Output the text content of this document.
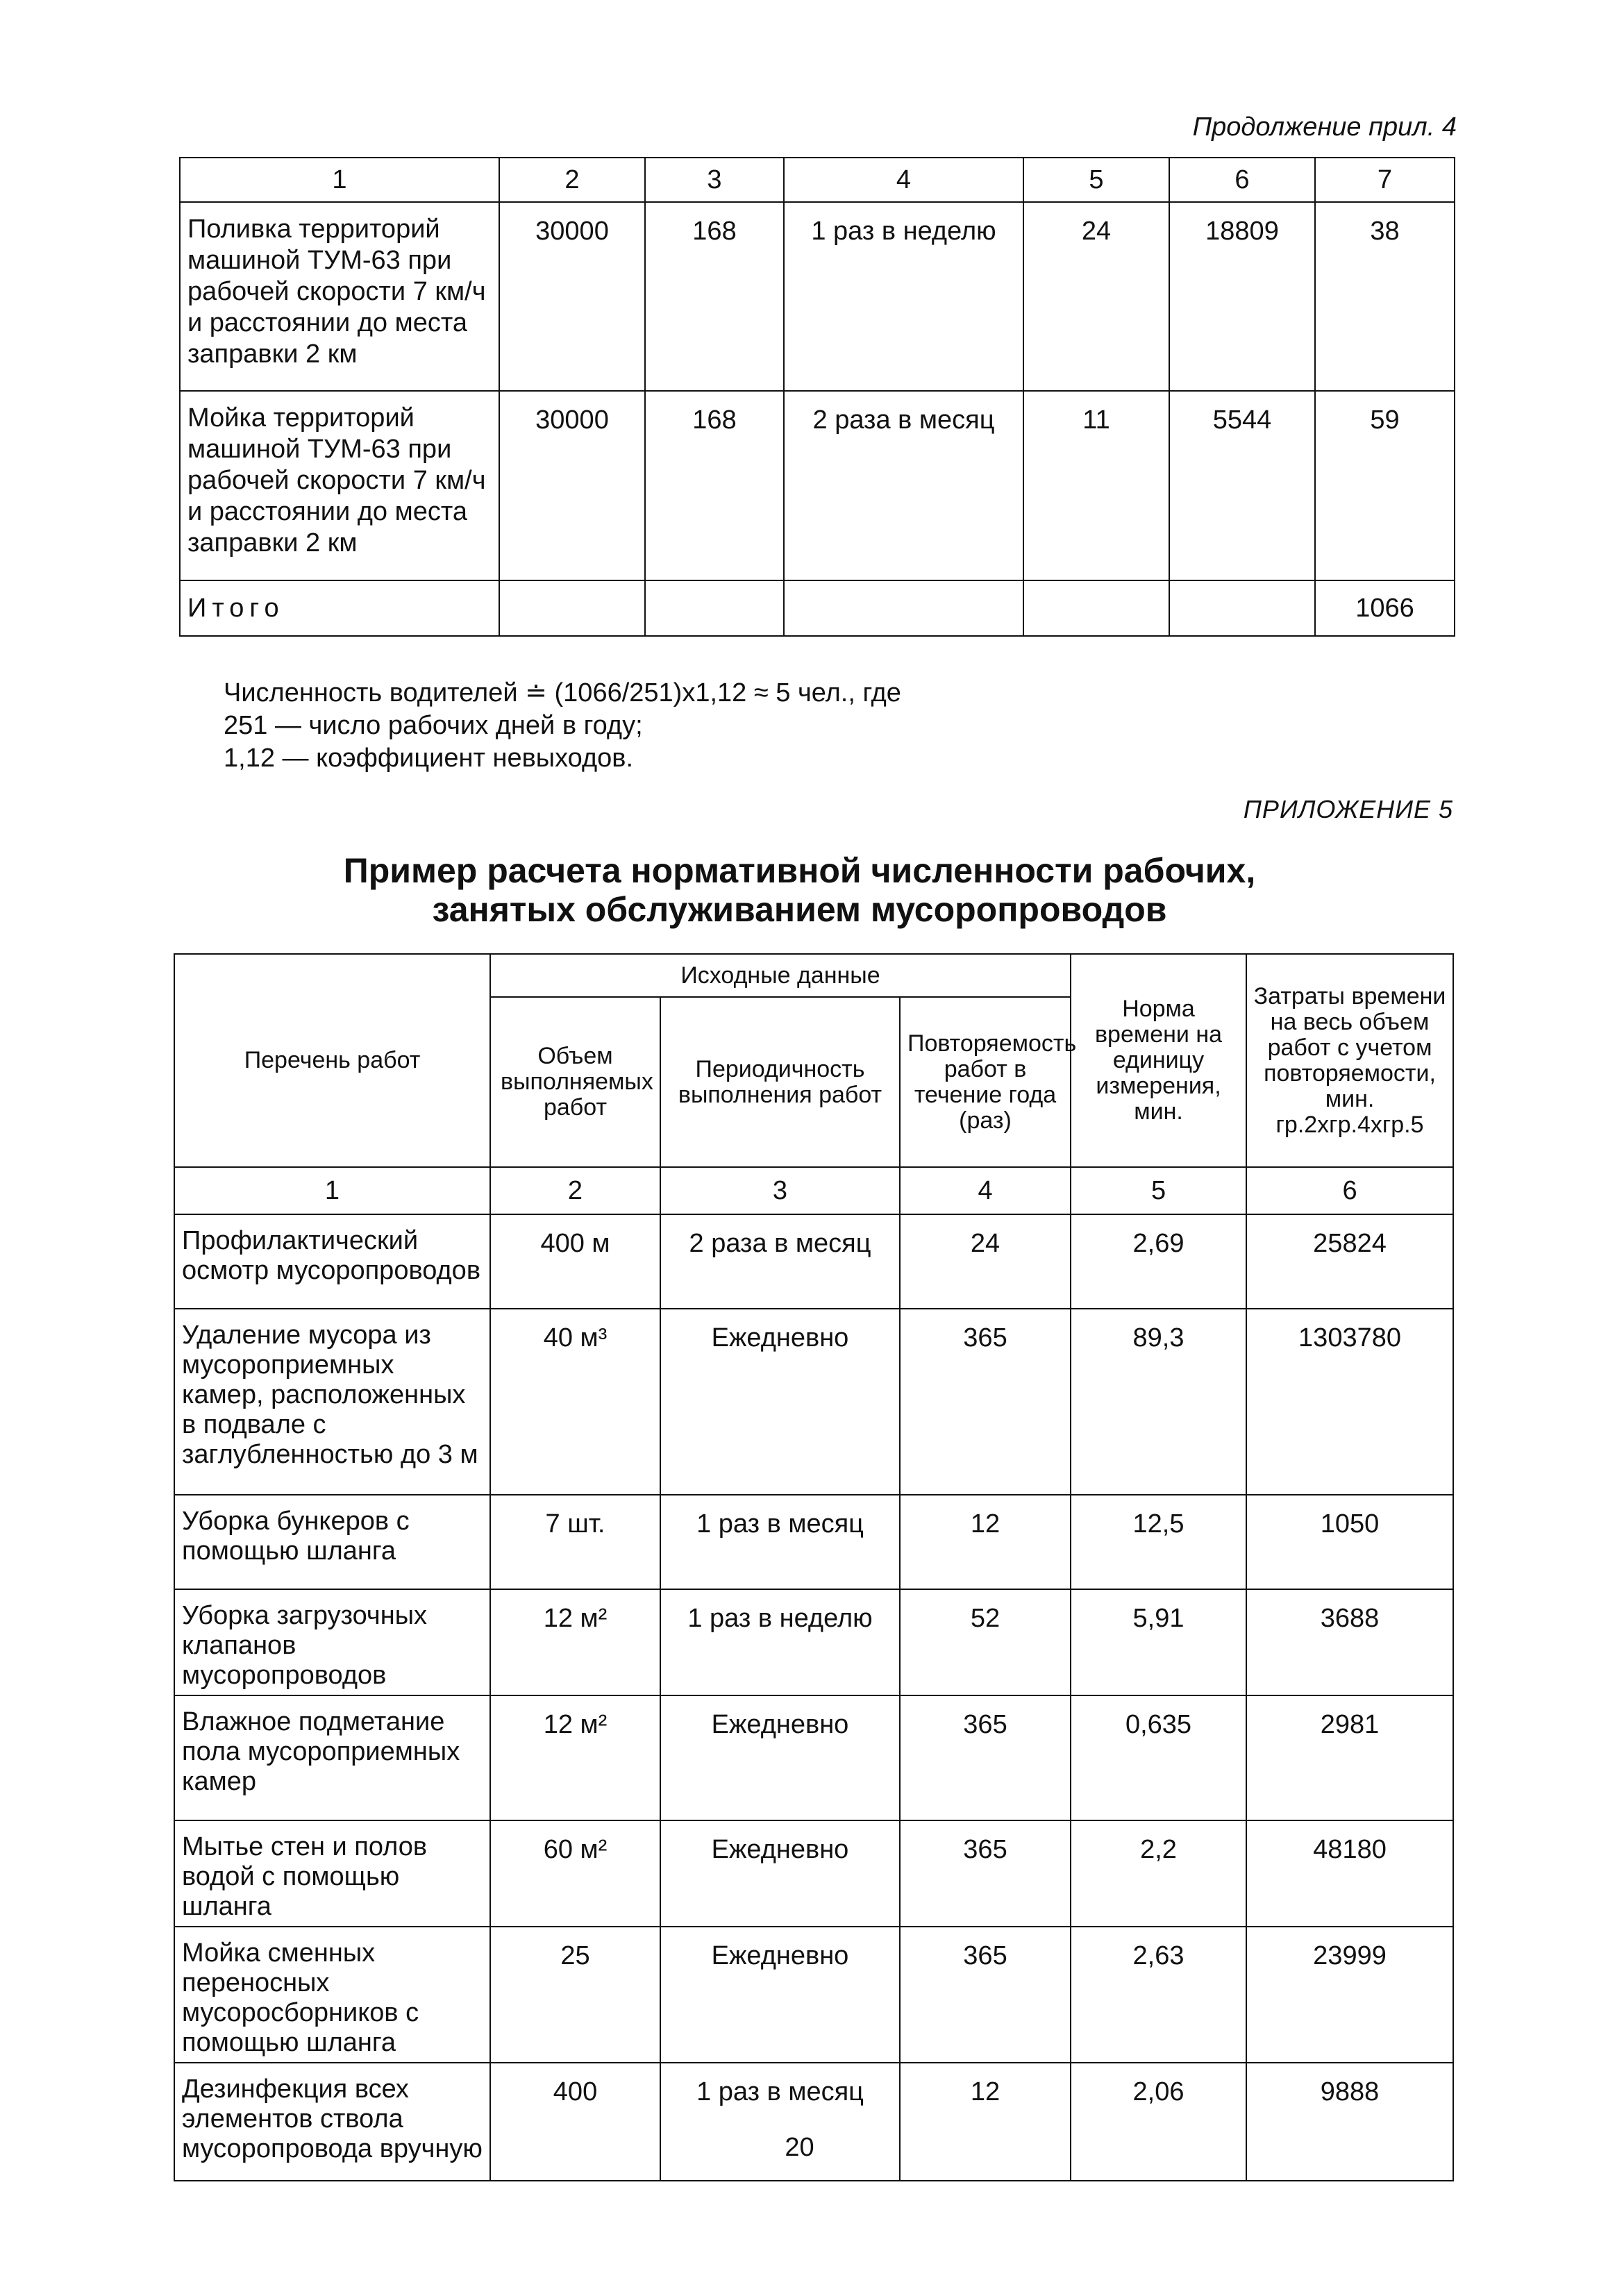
Продолжение прил. 4
1	2	3	4	5	6	7
Поливка территорий машиной ТУМ-63 при рабочей скорости 7 км/ч и расстоянии до места заправки 2 км	30000	168	1 раз в неделю	24	18809	38
Мойка территорий машиной ТУМ-63 при рабочей скорости 7 км/ч и расстоянии до места заправки 2 км	30000	168	2 раза в месяц	11	5544	59
Итого						1066
Численность водителей ≐ (1066/251)х1,12 ≈ 5 чел., где
251 — число рабочих дней в году;
1,12 — коэффициент невыходов.
ПРИЛОЖЕНИЕ 5
Пример расчета нормативной численности рабочих,
занятых обслуживанием мусоропроводов
Перечень работ	Исходные данные			Норма времени на единицу измерения, мин.	Затраты времени на весь объем работ с учетом повторяемости, мин. гр.2хгр.4хгр.5
	Объем выполняемых работ	Периодичность выполнения работ	Повторяемость работ в течение года (раз)		
1	2	3	4	5	6
Профилактический осмотр мусоропроводов	400 м	2 раза в месяц	24	2,69	25824
Удаление мусора из мусороприемных камер, расположенных в подвале с заглубленностью до 3 м	40 м³	Ежедневно	365	89,3	1303780
Уборка бункеров с помощью шланга	7 шт.	1 раз в месяц	12	12,5	1050
Уборка загрузочных клапанов мусоропроводов	12 м²	1 раз в неделю	52	5,91	3688
Влажное подметание пола мусороприемных камер	12 м²	Ежедневно	365	0,635	2981
Мытье стен и полов водой с помощью шланга	60 м²	Ежедневно	365	2,2	48180
Мойка сменных переносных мусоросборников с помощью шланга	25	Ежедневно	365	2,63	23999
Дезинфекция всех элементов ствола мусоропровода вручную	400	1 раз в месяц	12	2,06	9888
20
